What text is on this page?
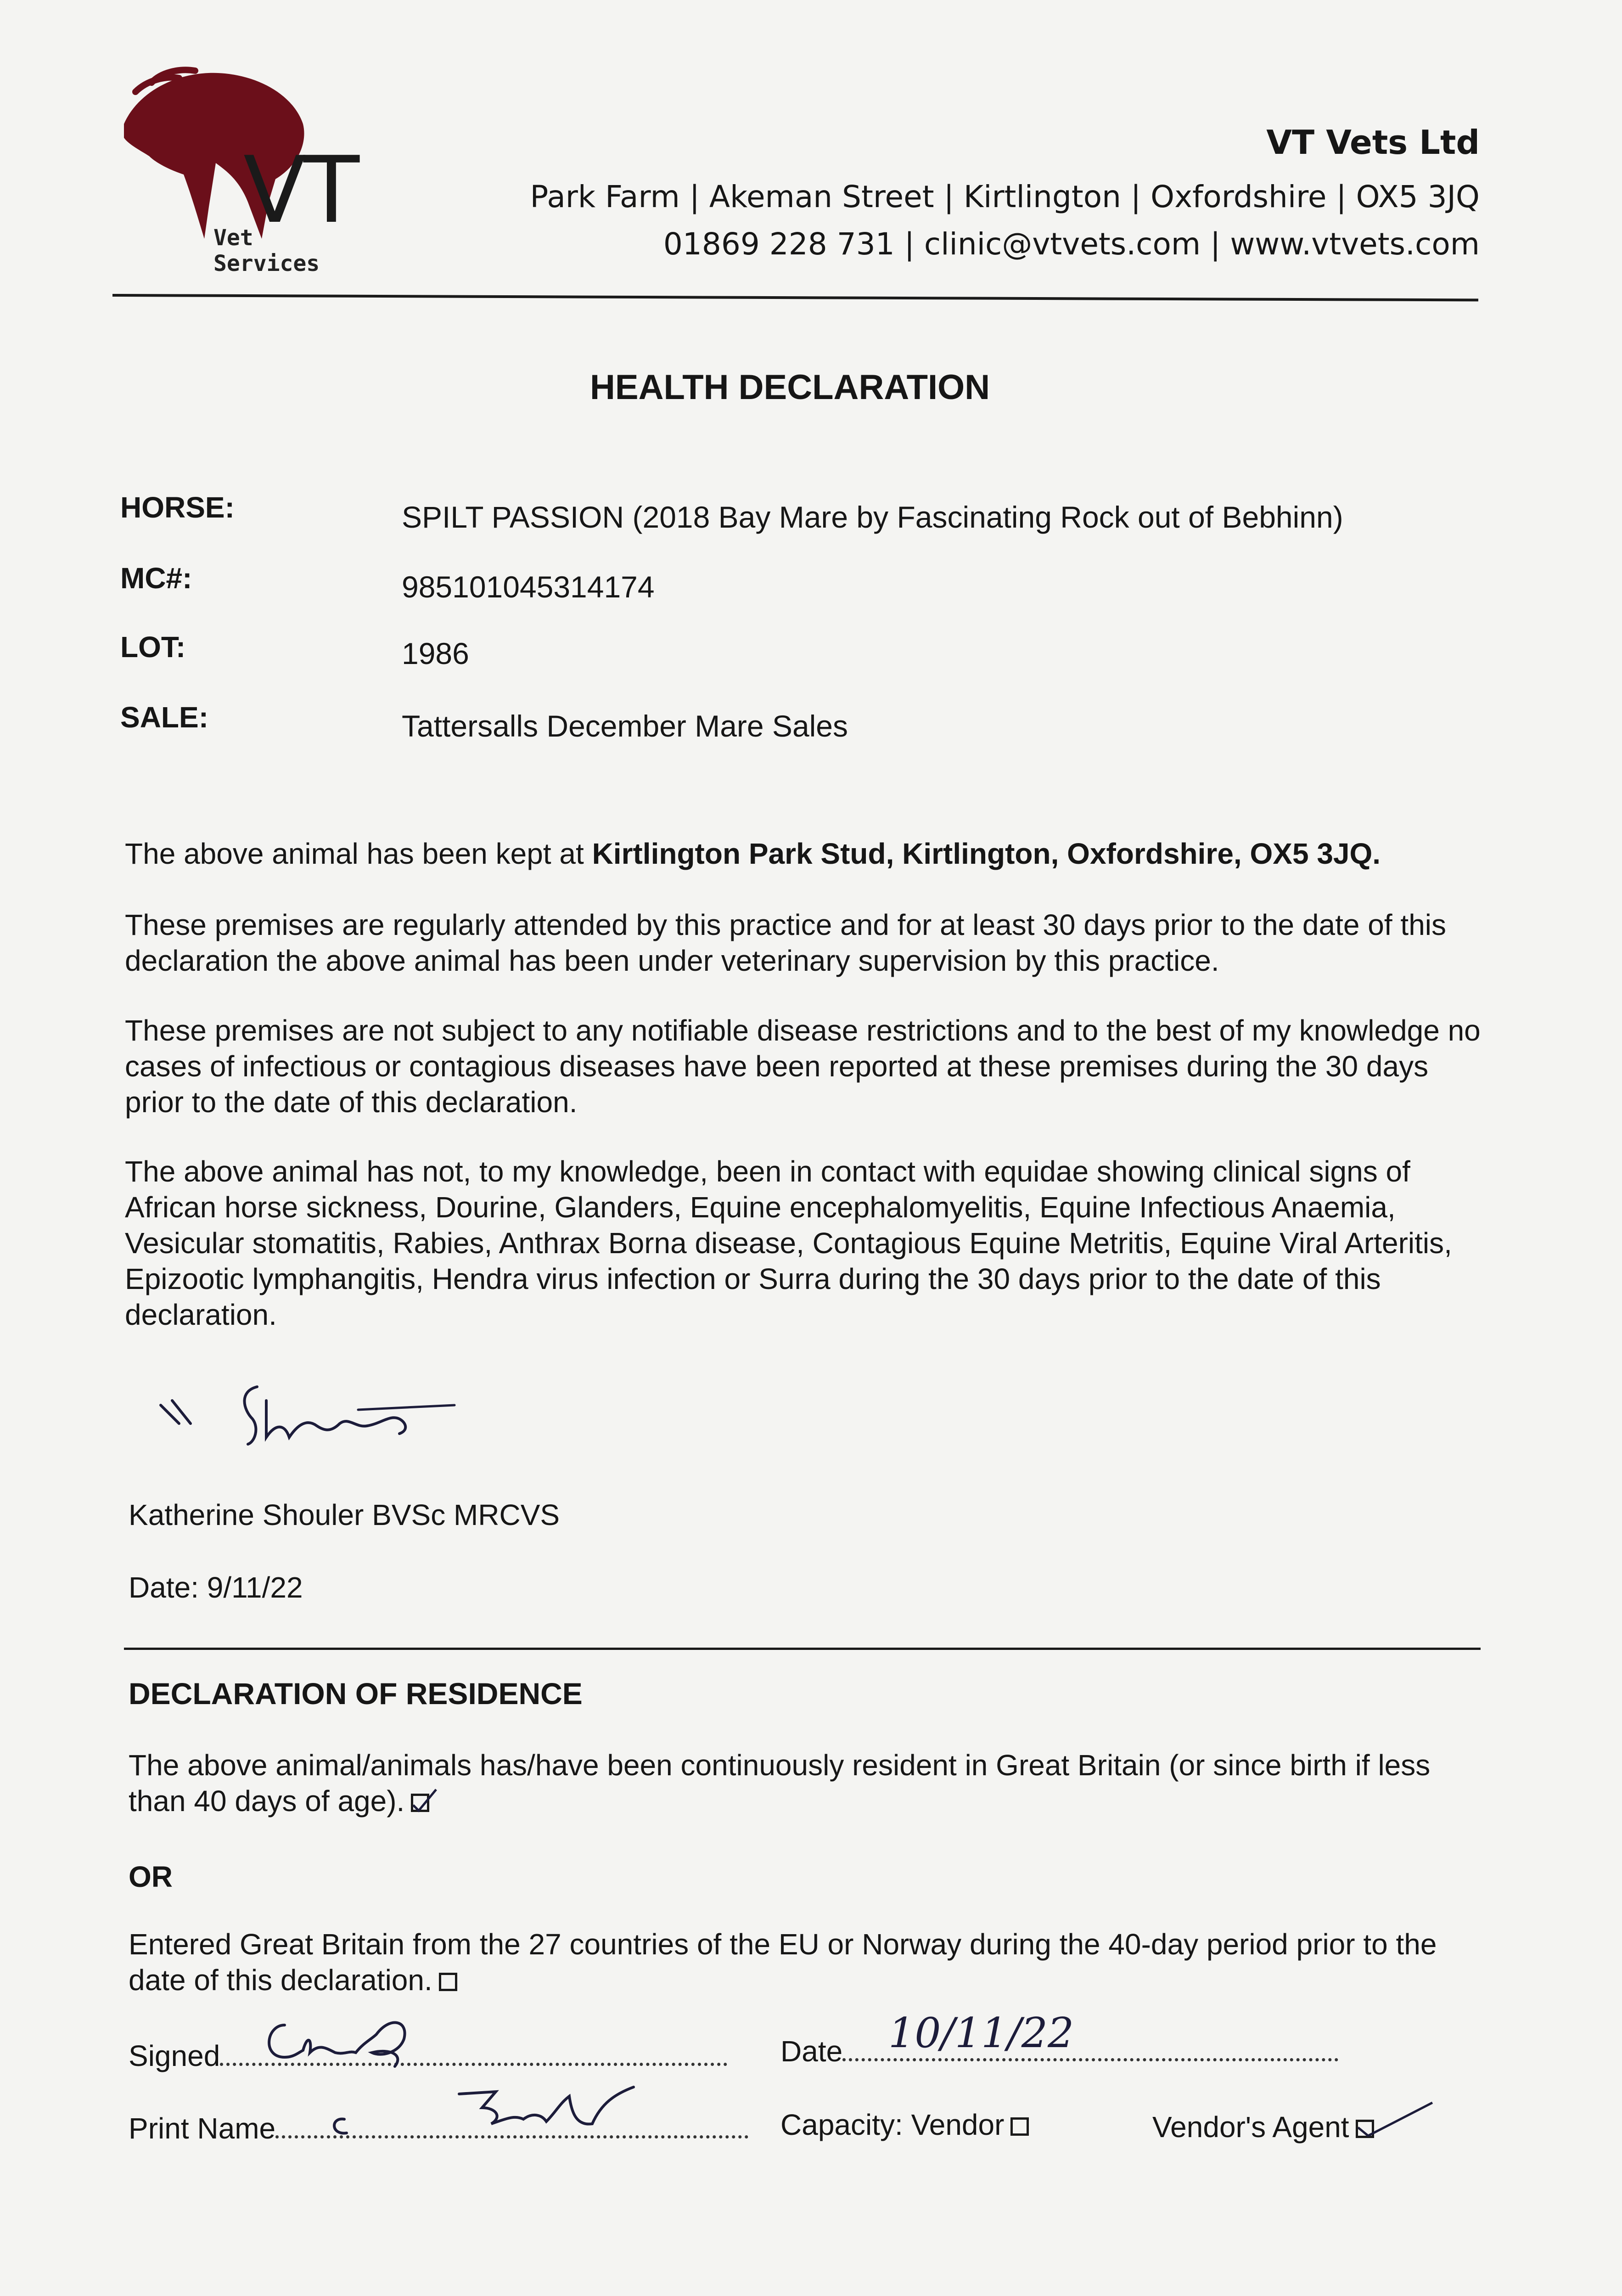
VT
Vet Services
VT Vets Ltd
Park Farm | Akeman Street | Kirtlington | Oxfordshire | OX5 3JQ
01869 228 731 | clinic@vtvets.com | www.vtvets.com
HEALTH DECLARATION
HORSE:	SPILT PASSION (2018 Bay Mare by Fascinating Rock out of Bebhinn)
MC#:	985101045314174
LOT:	1986
SALE:	Tattersalls December Mare Sales
The above animal has been kept at Kirtlington Park Stud, Kirtlington, Oxfordshire, OX5 3JQ.
These premises are regularly attended by this practice and for at least 30 days prior to the date of this declaration the above animal has been under veterinary supervision by this practice.
These premises are not subject to any notifiable disease restrictions and to the best of my knowledge no cases of infectious or contagious diseases have been reported at these premises during the 30 days prior to the date of this declaration.
The above animal has not, to my knowledge, been in contact with equidae showing clinical signs of African horse sickness, Dourine, Glanders, Equine encephalomyelitis, Equine Infectious Anaemia, Vesicular stomatitis, Rabies, Anthrax Borna disease, Contagious Equine Metritis, Equine Viral Arteritis, Epizootic lymphangitis, Hendra virus infection or Surra during the 30 days prior to the date of this declaration.
Katherine Shouler BVSc MRCVS
Date: 9/11/22
DECLARATION OF RESIDENCE
The above animal/animals has/have been continuously resident in Great Britain (or since birth if less than 40 days of age).
OR
Entered Great Britain from the 27 countries of the EU or Norway during the 40-day period prior to the date of this declaration.
Signed	Date	10/11/22
Print Name	Capacity: Vendor	Vendor's Agent
